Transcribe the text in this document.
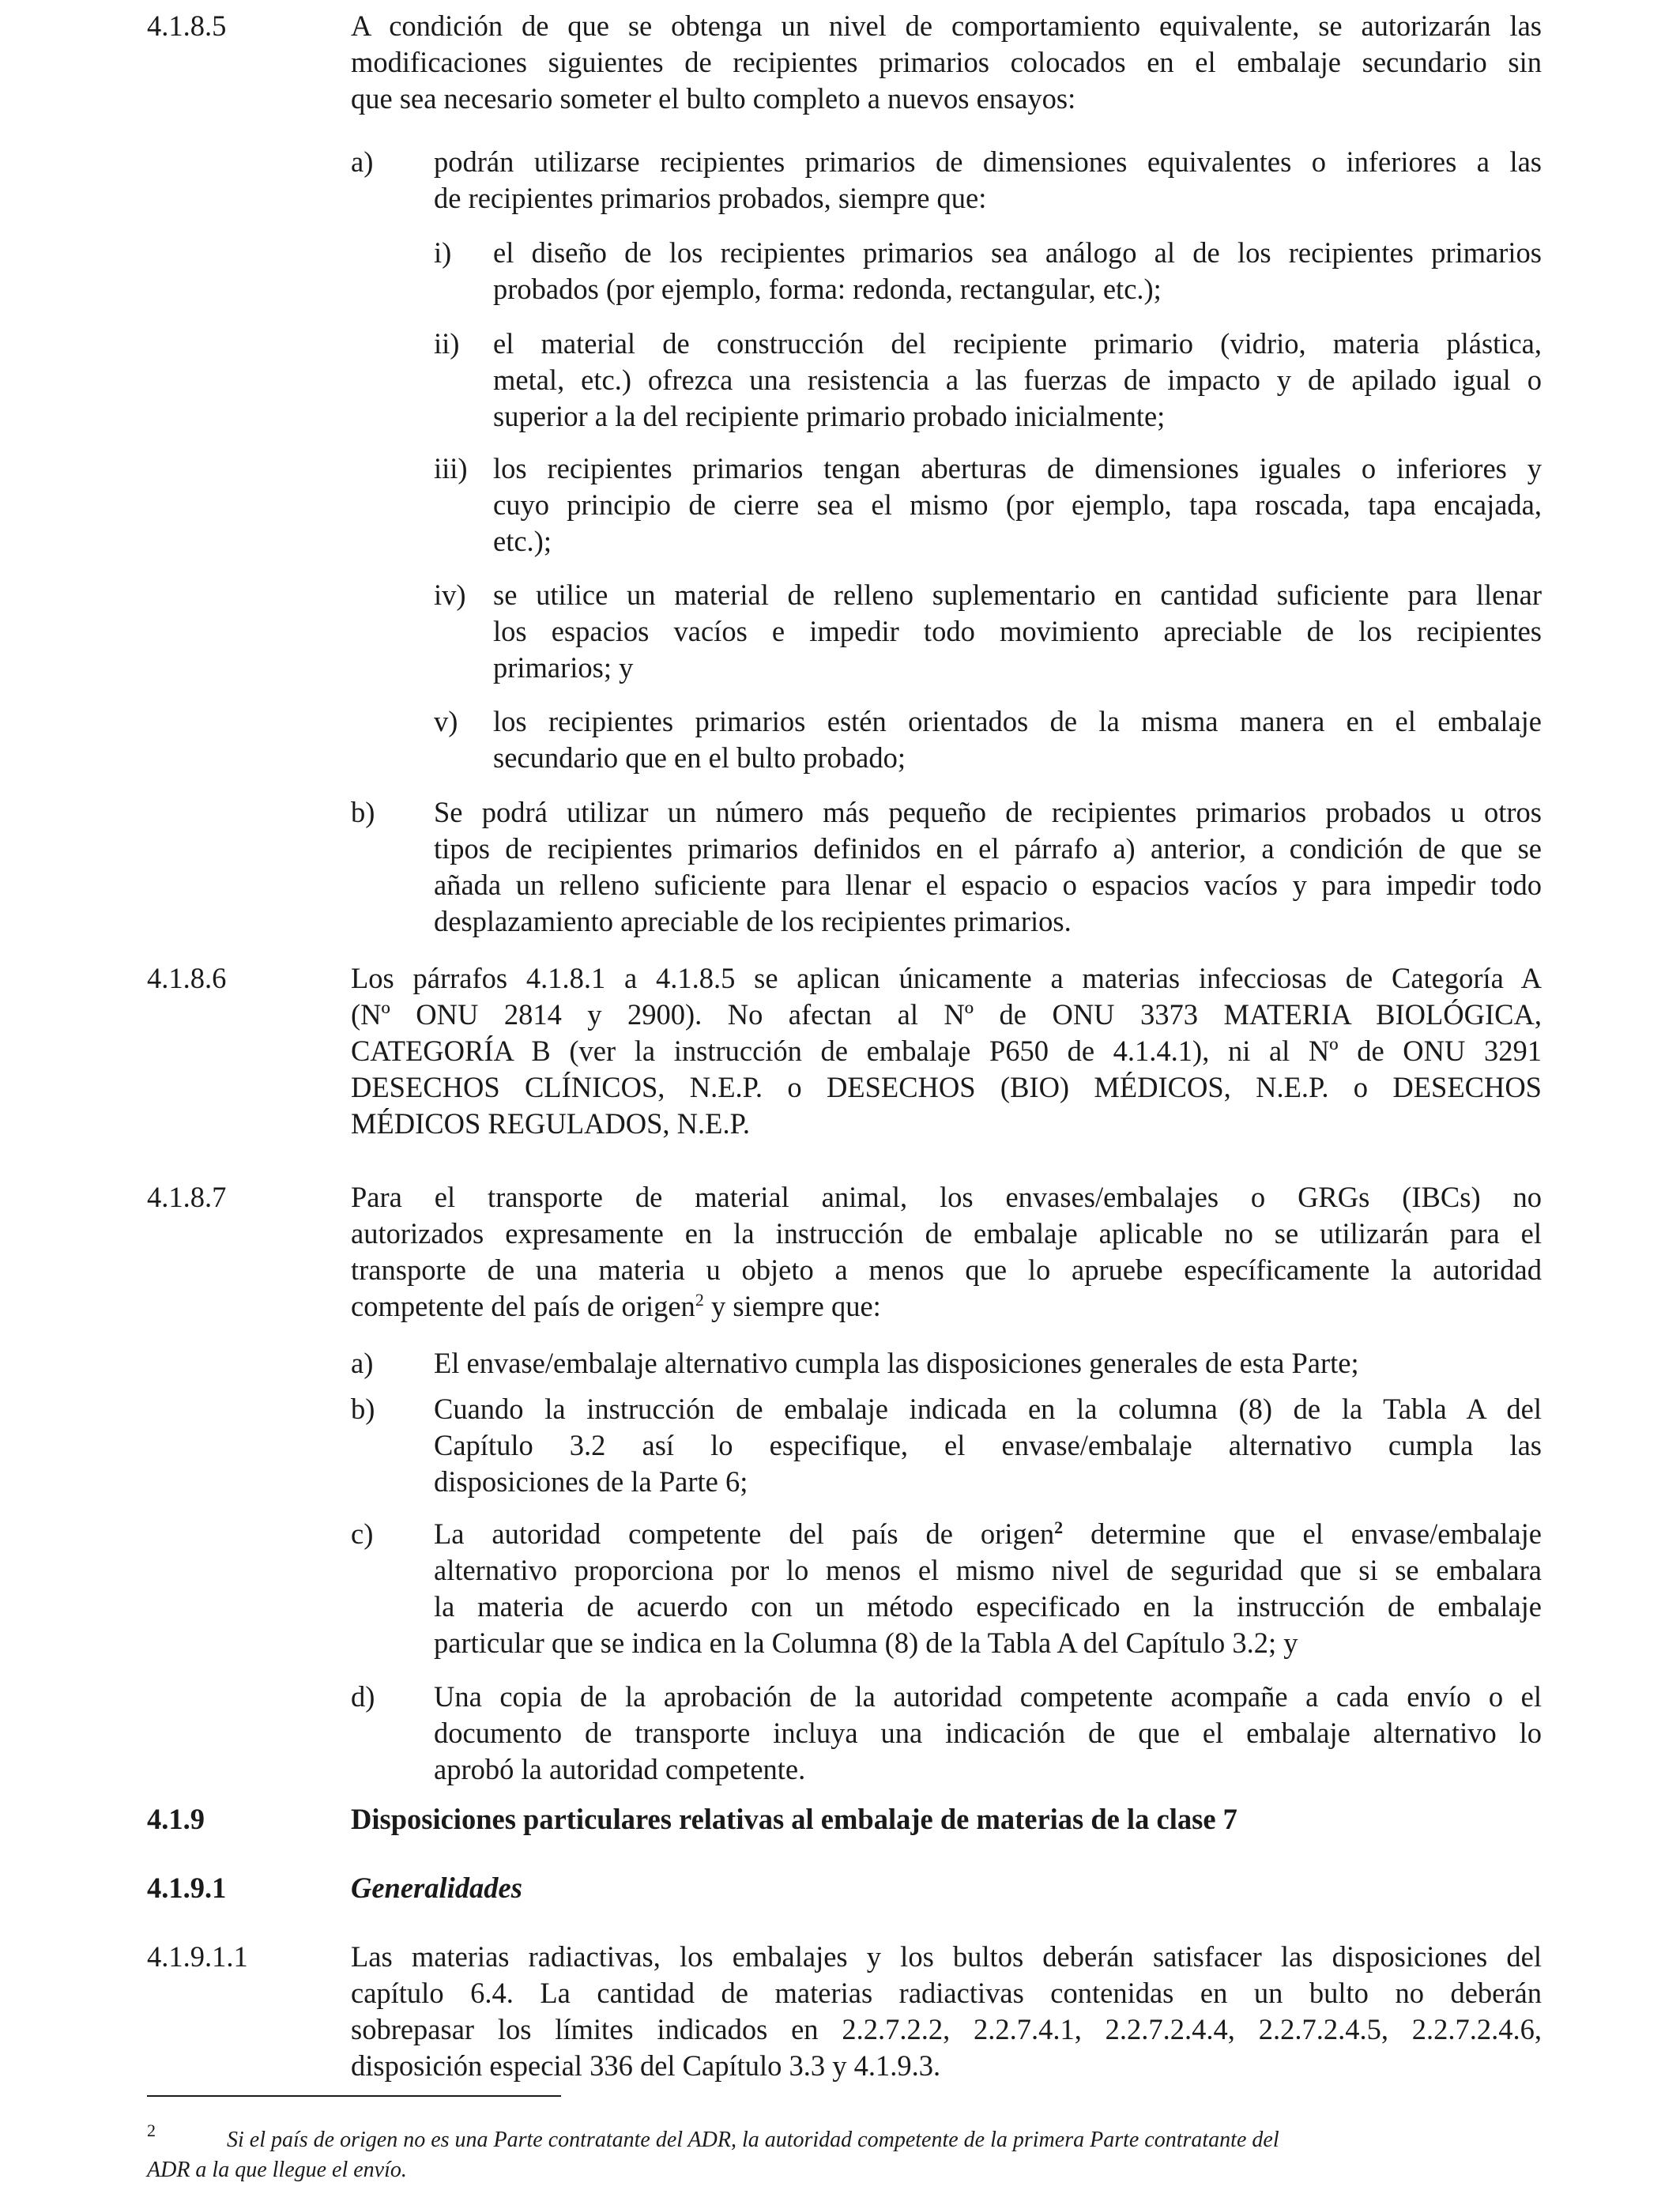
4.1.8.5	A condición de que se obtenga un nivel de comportamiento equivalente, se autorizarán las
modificaciones siguientes de recipientes primarios colocados en el embalaje secundario sin
que sea necesario someter el bulto completo a nuevos ensayos:
a) podrán utilizarse recipientes primarios de dimensiones equivalentes o inferiores a las
de recipientes primarios probados, siempre que:
i) el diseño de los recipientes primarios sea análogo al de los recipientes primarios
probados (por ejemplo, forma: redonda, rectangular, etc.);
ii) el material de construcción del recipiente primario (vidrio, materia plástica,
metal, etc.) ofrezca una resistencia a las fuerzas de impacto y de apilado igual o
superior a la del recipiente primario probado inicialmente;
iii) los recipientes primarios tengan aberturas de dimensiones iguales o inferiores y
cuyo principio de cierre sea el mismo (por ejemplo, tapa roscada, tapa encajada,
etc.);
iv) se utilice un material de relleno suplementario en cantidad suficiente para llenar
los espacios vacíos e impedir todo movimiento apreciable de los recipientes
primarios; y
v) los recipientes primarios estén orientados de la misma manera en el embalaje
secundario que en el bulto probado;
b) Se podrá utilizar un número más pequeño de recipientes primarios probados u otros
tipos de recipientes primarios definidos en el párrafo a) anterior, a condición de que se
añada un relleno suficiente para llenar el espacio o espacios vacíos y para impedir todo
desplazamiento apreciable de los recipientes primarios.
4.1.8.6	Los párrafos 4.1.8.1 a 4.1.8.5 se aplican únicamente a materias infecciosas de Categoría A
(Nº ONU 2814 y 2900). No afectan al Nº de ONU 3373 MATERIA BIOLÓGICA,
CATEGORÍA B (ver la instrucción de embalaje P650 de 4.1.4.1), ni al Nº de ONU 3291
DESECHOS CLÍNICOS, N.E.P. o DESECHOS (BIO) MÉDICOS, N.E.P. o DESECHOS
MÉDICOS REGULADOS, N.E.P.
4.1.8.7	Para el transporte de material animal, los envases/embalajes o GRGs (IBCs) no
autorizados expresamente en la instrucción de embalaje aplicable no se utilizarán para el
transporte de una materia u objeto a menos que lo apruebe específicamente la autoridad
competente del país de origen$^2$ y siempre que:
a) El envase/embalaje alternativo cumpla las disposiciones generales de esta Parte;
b) Cuando la instrucción de embalaje indicada en la columna (8) de la Tabla A del
Capítulo 3.2 así lo especifique, el envase/embalaje alternativo cumpla las
disposiciones de la Parte 6;
c) La autoridad competente del país de origen$^2$ determine que el envase/embalaje
alternativo proporciona por lo menos el mismo nivel de seguridad que si se embalara
la materia de acuerdo con un método especificado en la instrucción de embalaje
particular que se indica en la Columna (8) de la Tabla A del Capítulo 3.2; y
d) Una copia de la aprobación de la autoridad competente acompañe a cada envío o el
documento de transporte incluya una indicación de que el embalaje alternativo lo
aprobó la autoridad competente.
4.1.9	Disposiciones particulares relativas al embalaje de materias de la clase 7
4.1.9.1	Generalidades
4.1.9.1.1	Las materias radiactivas, los embalajes y los bultos deberán satisfacer las disposiciones del
capítulo 6.4. La cantidad de materias radiactivas contenidas en un bulto no deberán
sobrepasar los límites indicados en 2.2.7.2.2, 2.2.7.4.1, 2.2.7.2.4.4, 2.2.7.2.4.5, 2.2.7.2.4.6,
disposición especial 336 del Capítulo 3.3 y 4.1.9.3.
2	Si el país de origen no es una Parte contratante del ADR, la autoridad competente de la primera Parte contratante del
ADR a la que llegue el envío.
